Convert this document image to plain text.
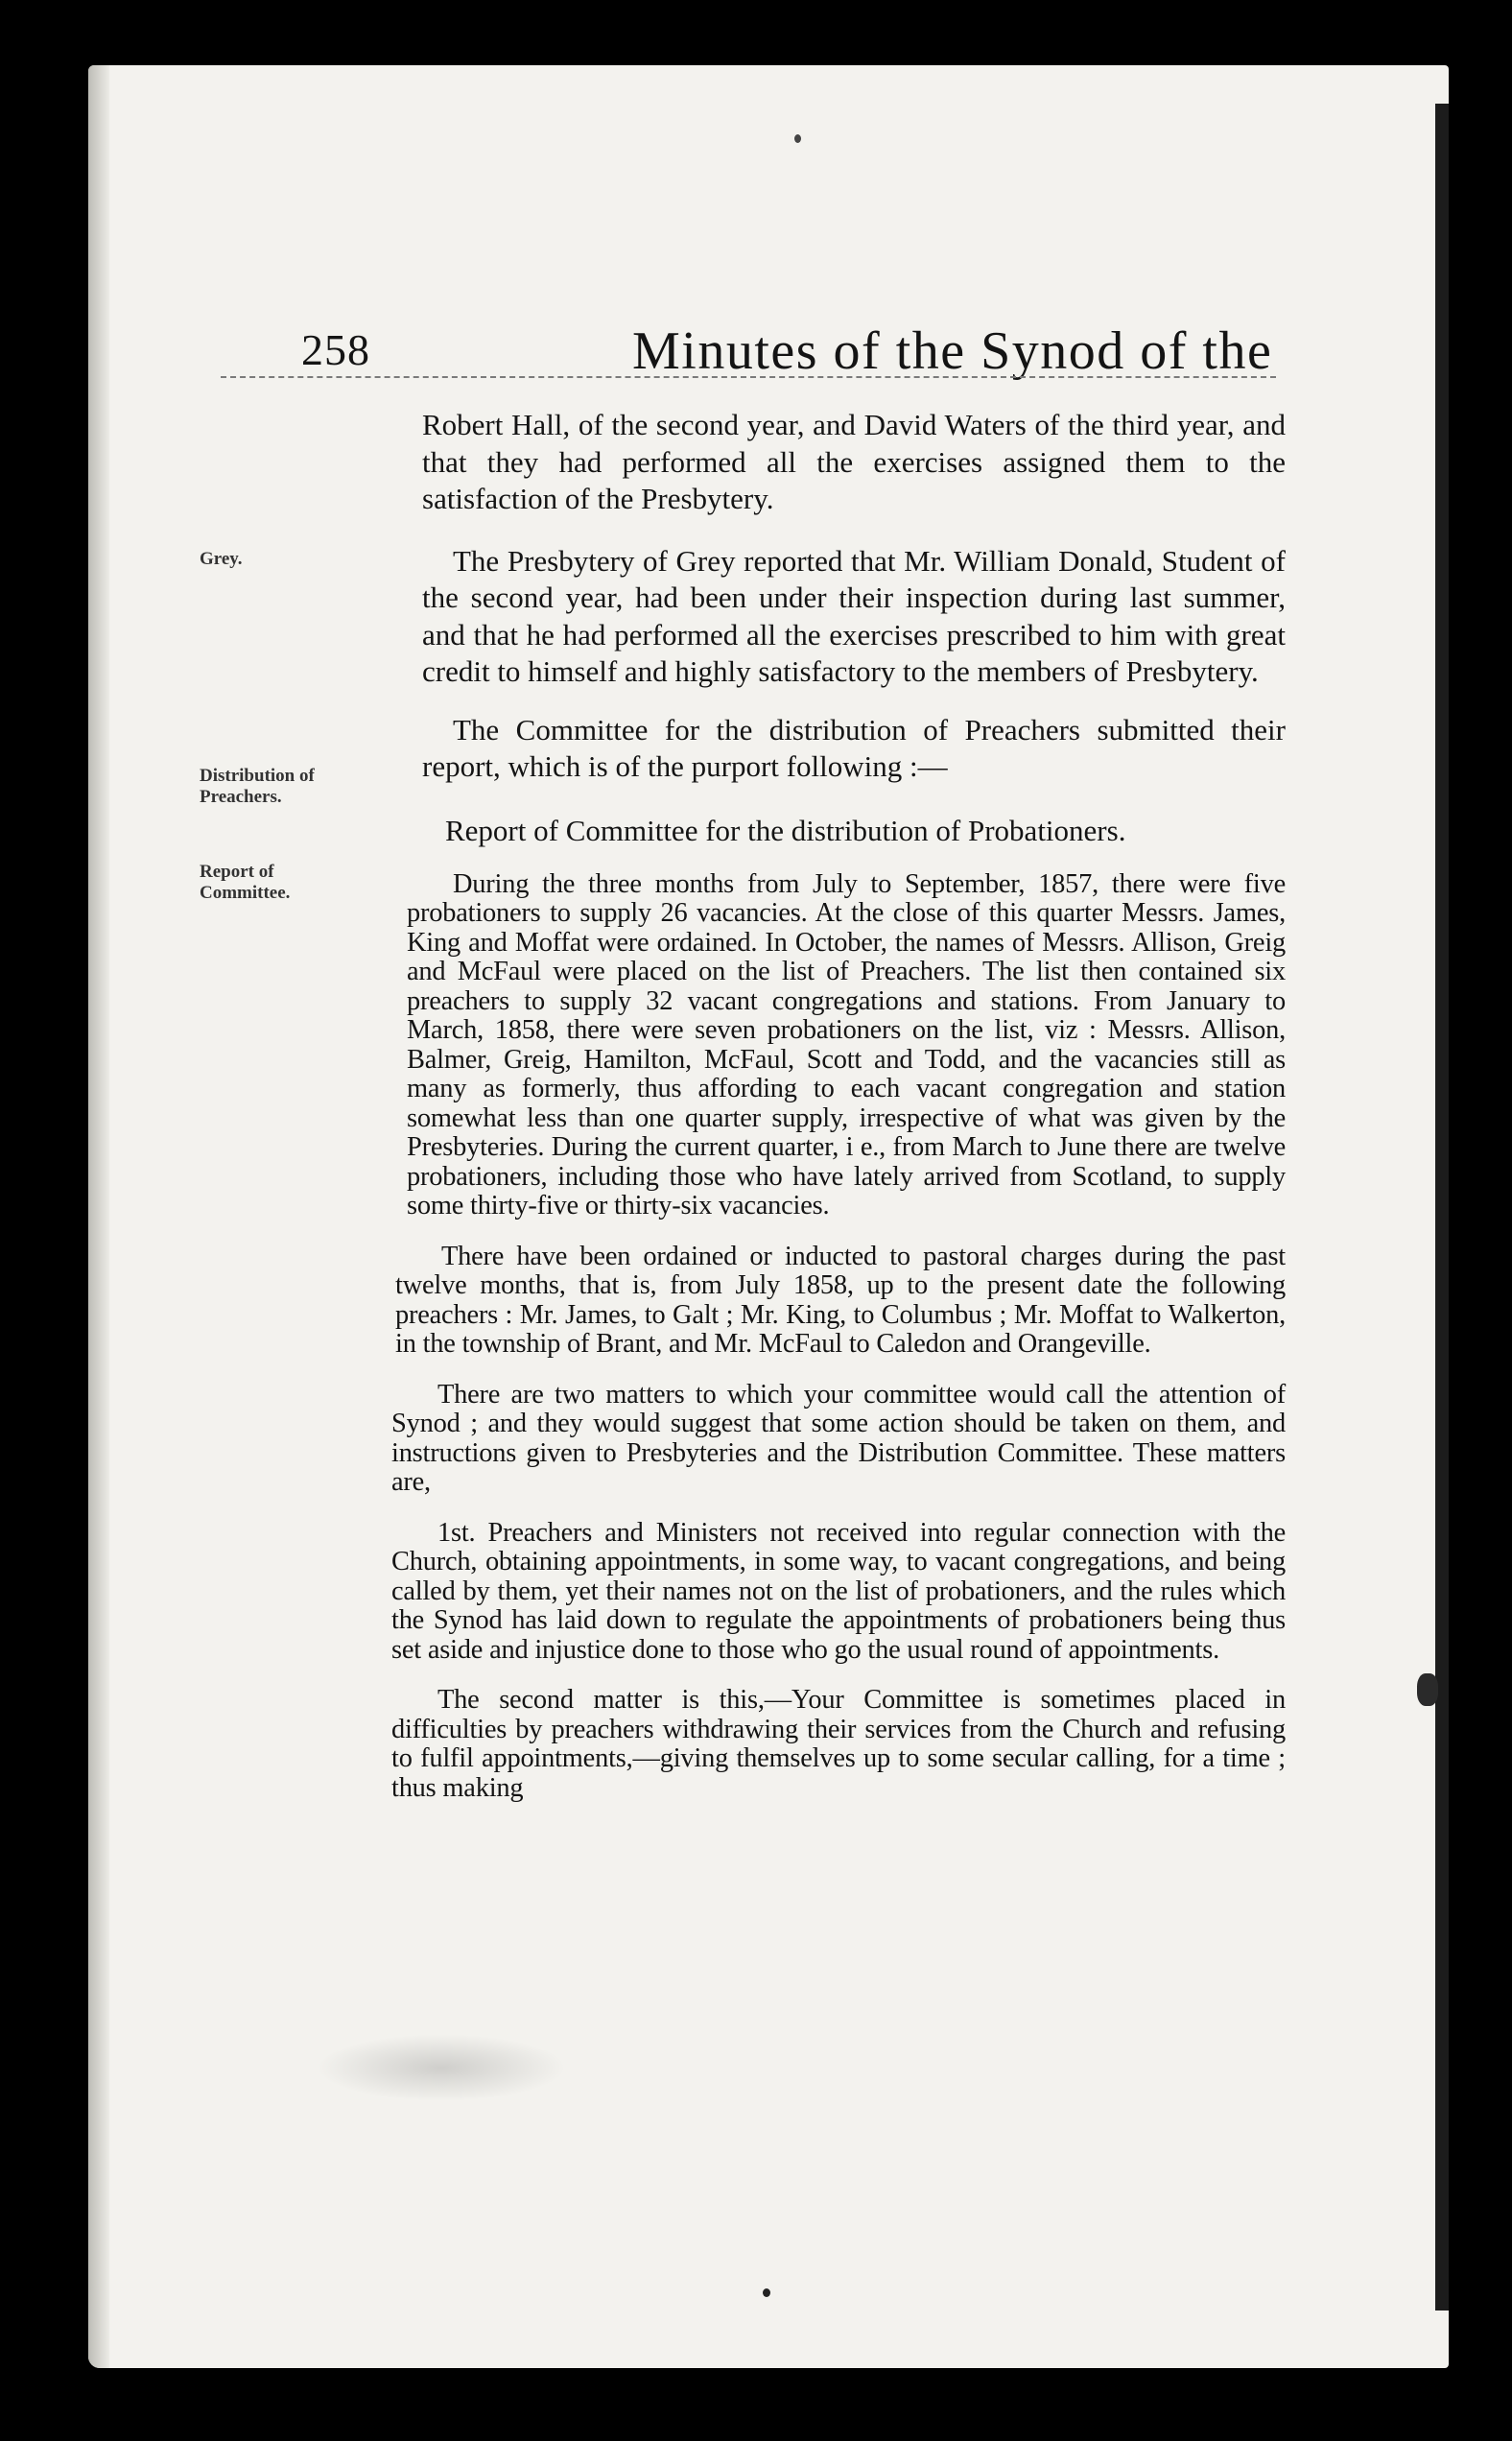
258	Minutes of the Synod of the
Grey.
Distribution of Preachers.
Report of Committee.

Robert Hall, of the second year, and David Waters of the third year, and that they had performed all the exercises assigned them to the satisfaction of the Presbytery.

The Presbytery of Grey reported that Mr. William Donald, Student of the second year, had been under their inspection during last summer, and that he had performed all the exercises prescribed to him with great credit to himself and highly satisfactory to the members of Presbytery.

The Committee for the distribution of Preachers submitted their report, which is of the purport following :—

Report of Committee for the distribution of Probationers.

During the three months from July to September, 1857, there were five probationers to supply 26 vacancies. At the close of this quarter Messrs. James, King and Moffat were ordained. In October, the names of Messrs. Allison, Greig and McFaul were placed on the list of Preachers. The list then contained six preachers to supply 32 vacant congregations and stations. From January to March, 1858, there were seven probationers on the list, viz : Messrs. Allison, Balmer, Greig, Hamilton, McFaul, Scott and Todd, and the vacancies still as many as formerly, thus affording to each vacant congregation and station somewhat less than one quarter supply, irrespective of what was given by the Presbyteries. During the current quarter, i e., from March to June there are twelve probationers, including those who have lately arrived from Scotland, to supply some thirty-five or thirty-six vacancies.

There have been ordained or inducted to pastoral charges during the past twelve months, that is, from July 1858, up to the present date the following preachers : Mr. James, to Galt ; Mr. King, to Columbus ; Mr. Moffat to Walkerton, in the township of Brant, and Mr. McFaul to Caledon and Orangeville.

There are two matters to which your committee would call the attention of Synod ; and they would suggest that some action should be taken on them, and instructions given to Presbyteries and the Distribution Committee. These matters are,

1st. Preachers and Ministers not received into regular connection with the Church, obtaining appointments, in some way, to vacant congregations, and being called by them, yet their names not on the list of probationers, and the rules which the Synod has laid down to regulate the appointments of probationers being thus set aside and injustice done to those who go the usual round of appointments.

The second matter is this,—Your Committee is sometimes placed in difficulties by preachers withdrawing their services from the Church and refusing to fulfil appointments,—giving themselves up to some secular calling, for a time ; thus making
